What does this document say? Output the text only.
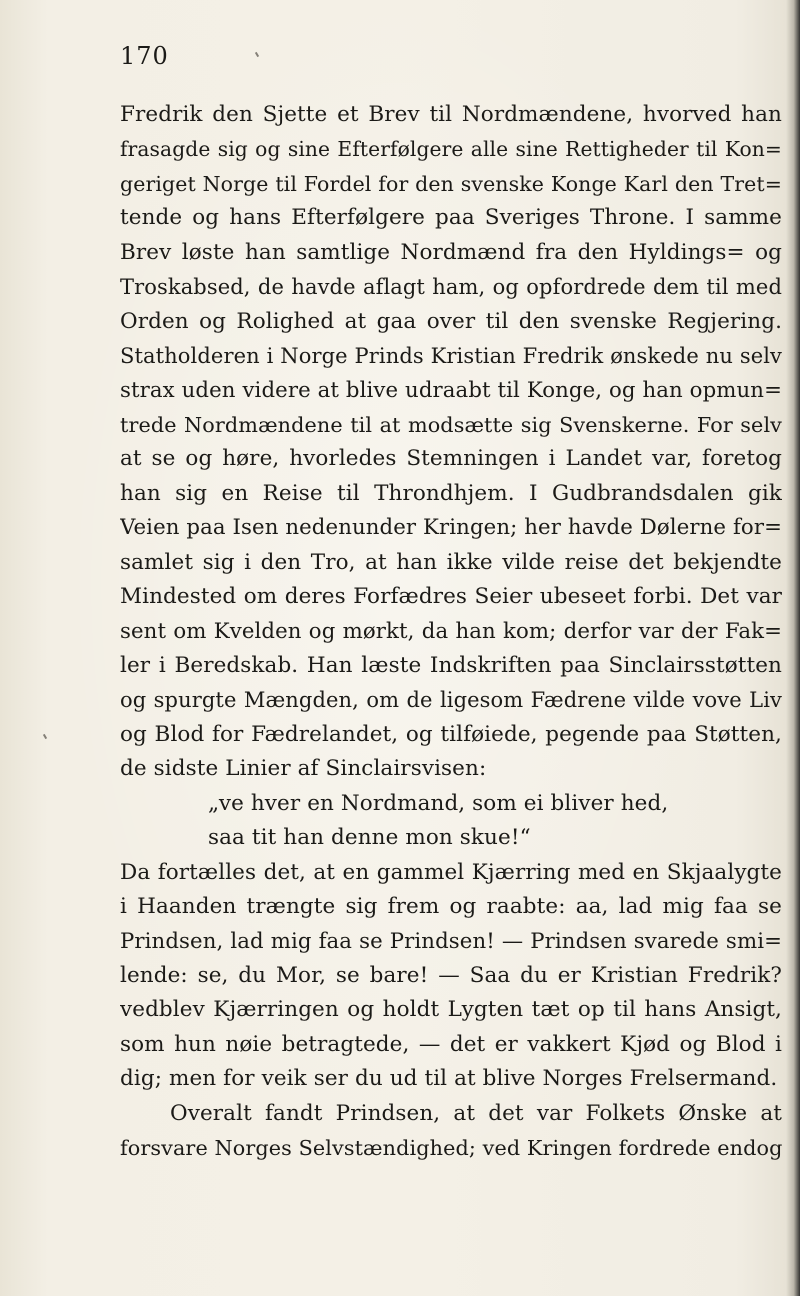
170
Fredrik den Sjette et Brev til Nordmændene, hvorved han
frasagde sig og sine Efterfølgere alle sine Rettigheder til Kon=
geriget Norge til Fordel for den svenske Konge Karl den Tret=
tende og hans Efterfølgere paa Sveriges Throne. I samme
Brev løste han samtlige Nordmænd fra den Hyldings= og
Troskabsed, de havde aflagt ham, og opfordrede dem til med
Orden og Rolighed at gaa over til den svenske Regjering.
Statholderen i Norge Prinds Kristian Fredrik ønskede nu selv
strax uden videre at blive udraabt til Konge, og han opmun=
trede Nordmændene til at modsætte sig Svenskerne. For selv
at se og høre, hvorledes Stemningen i Landet var, foretog
han sig en Reise til Throndhjem. I Gudbrandsdalen gik
Veien paa Isen nedenunder Kringen; her havde Dølerne for=
samlet sig i den Tro, at han ikke vilde reise det bekjendte
Mindested om deres Forfædres Seier ubeseet forbi. Det var
sent om Kvelden og mørkt, da han kom; derfor var der Fak=
ler i Beredskab. Han læste Indskriften paa Sinclairsstøtten
og spurgte Mængden, om de ligesom Fædrene vilde vove Liv
og Blod for Fædrelandet, og tilføiede, pegende paa Støtten,
de sidste Linier af Sinclairsvisen:
„ve hver en Nordmand, som ei bliver hed,
saa tit han denne mon skue!“
Da fortælles det, at en gammel Kjærring med en Skjaalygte
i Haanden trængte sig frem og raabte: aa, lad mig faa se
Prindsen, lad mig faa se Prindsen! — Prindsen svarede smi=
lende: se, du Mor, se bare! — Saa du er Kristian Fredrik?
vedblev Kjærringen og holdt Lygten tæt op til hans Ansigt,
som hun nøie betragtede, — det er vakkert Kjød og Blod i
dig; men for veik ser du ud til at blive Norges Frelsermand.
Overalt fandt Prindsen, at det var Folkets Ønske at
forsvare Norges Selvstændighed; ved Kringen fordrede endog
